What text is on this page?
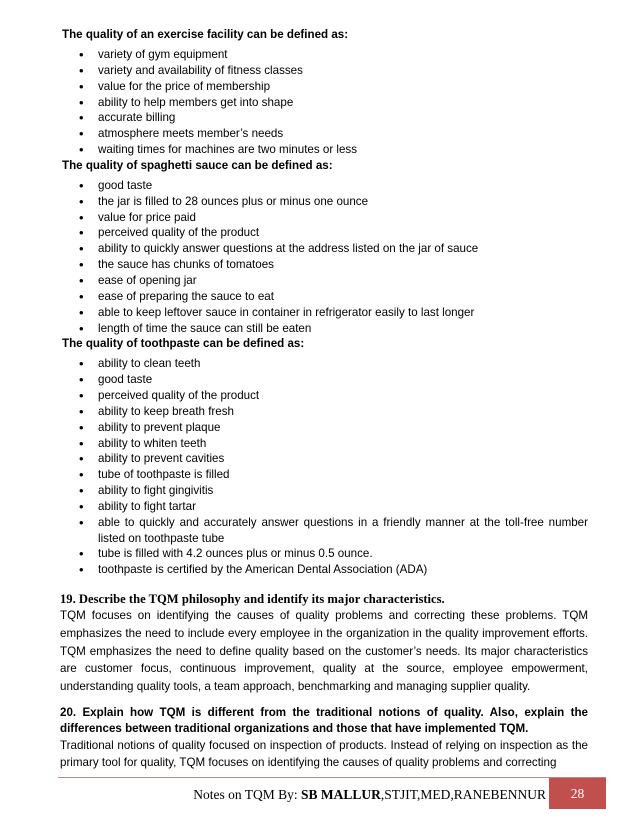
The quality of an exercise facility can be defined as:

• variety of gym equipment
• variety and availability of fitness classes
• value for the price of membership
• ability to help members get into shape
• accurate billing
• atmosphere meets member’s needs
• waiting times for machines are two minutes or less

The quality of spaghetti sauce can be defined as:

• good taste
• the jar is filled to 28 ounces plus or minus one ounce
• value for price paid
• perceived quality of the product
• ability to quickly answer questions at the address listed on the jar of sauce
• the sauce has chunks of tomatoes
• ease of opening jar
• ease of preparing the sauce to eat
• able to keep leftover sauce in container in refrigerator easily to last longer
• length of time the sauce can still be eaten

The quality of toothpaste can be defined as:

• ability to clean teeth
• good taste
• perceived quality of the product
• ability to keep breath fresh
• ability to prevent plaque
• ability to whiten teeth
• ability to prevent cavities
• tube of toothpaste is filled
• ability to fight gingivitis
• ability to fight tartar
• able to quickly and accurately answer questions in a friendly manner at the toll-free number listed on toothpaste tube
• tube is filled with 4.2 ounces plus or minus 0.5 ounce.
• toothpaste is certified by the American Dental Association (ADA)

19. Describe the TQM philosophy and identify its major characteristics.

TQM focuses on identifying the causes of quality problems and correcting these problems. TQM emphasizes the need to include every employee in the organization in the quality improvement efforts. TQM emphasizes the need to define quality based on the customer’s needs. Its major characteristics are customer focus, continuous improvement, quality at the source, employee empowerment, understanding quality tools, a team approach, benchmarking and managing supplier quality.

20. Explain how TQM is different from the traditional notions of quality. Also, explain the differences between traditional organizations and those that have implemented TQM.

Traditional notions of quality focused on inspection of products. Instead of relying on inspection as the primary tool for quality, TQM focuses on identifying the causes of quality problems and correcting

Notes on TQM By: SB MALLUR,STJIT,MED,RANEBENNUR	28
